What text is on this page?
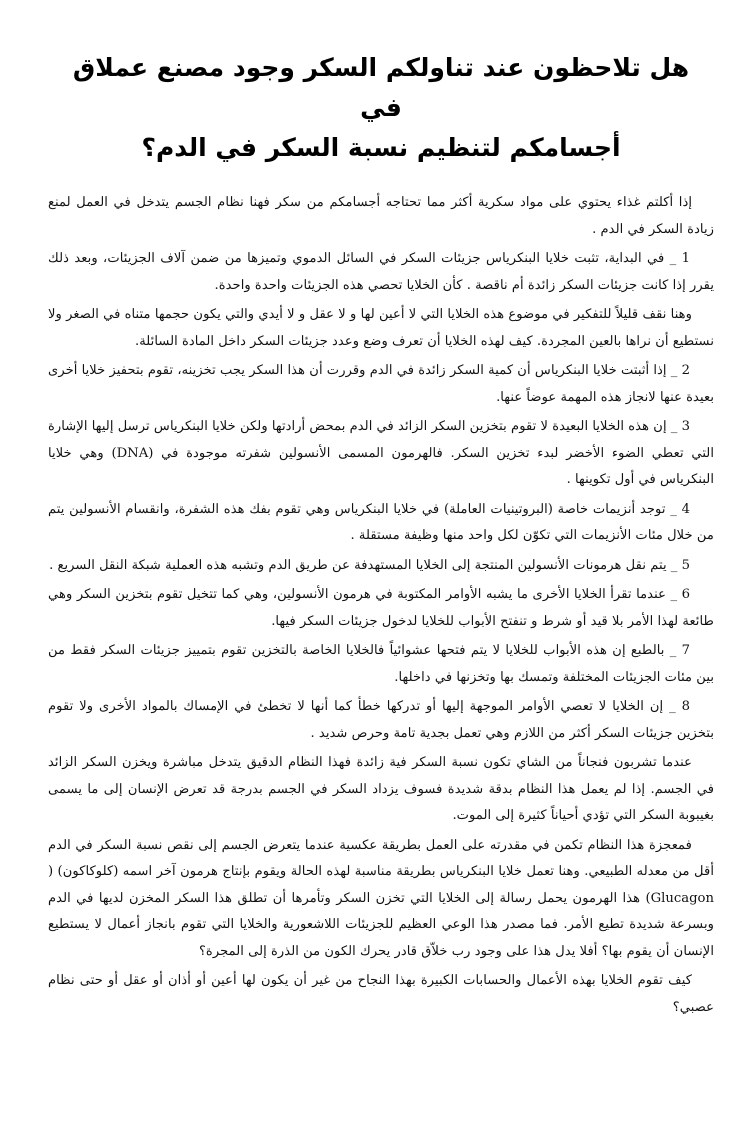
هل تلاحظون عند تناولكم السكر وجود مصنع عملاق في
أجسامكم لتنظيم نسبة السكر في الدم؟

إذا أكلتم غذاء يحتوي على مواد سكرية أكثر مما تحتاجه أجسامكم من سكر فهنا نظام الجسم يتدخل في العمل لمنع زيادة السكر في الدم .

1 _ في البداية، تثبت خلايا البنكرياس جزيئات السكر في السائل الدموي وتميزها من ضمن آلاف الجزيئات، وبعد ذلك يقرر إذا كانت جزيئات السكر زائدة أم ناقصة . كأن الخلايا تحصي هذه الجزيئات واحدة واحدة.

وهنا نقف قليلاً للتفكير في موضوع هذه الخلايا التي لا أعين لها و لا عقل و لا أيدي والتي يكون حجمها متناه في الصغر ولا نستطيع أن نراها بالعين المجردة. كيف لهذه الخلايا أن تعرف وضع وعدد جزيئات السكر داخل المادة السائلة.

2 _ إذا أثبتت خلايا البنكرياس أن كمية السكر زائدة في الدم وقررت أن هذا السكر يجب تخزينه، تقوم بتحفيز خلايا أخرى بعيدة عنها لانجاز هذه المهمة عوضاً عنها.

3 _ إن هذه الخلايا البعيدة لا تقوم بتخزين السكر الزائد في الدم بمحض أرادتها ولكن خلايا البنكرياس ترسل إليها الإشارة التي تعطي الضوء الأخضر لبدء تخزين السكر. فالهرمون المسمى الأنسولين شفرته موجودة في (DNA) وهي خلايا البنكرياس في أول تكوينها .

4 _ توجد أنزيمات خاصة (البروتينيات العاملة) في خلايا البنكرياس وهي تقوم بفك هذه الشفرة، وانقسام الأنسولين يتم من خلال مئات الأنزيمات التي تكوّن لكل واحد منها وظيفة مستقلة .

5 _ يتم نقل هرمونات الأنسولين المنتجة إلى الخلايا المستهدفة عن طريق الدم وتشبه هذه العملية شبكة النقل السريع .

6 _ عندما تقرأ الخلايا الأخرى ما يشبه الأوامر المكتوبة في هرمون الأنسولين، وهي كما تتخيل تقوم بتخزين السكر وهي طائعة لهذا الأمر بلا قيد أو شرط و تنفتح الأبواب للخلايا لدخول جزيئات السكر فيها.

7 _ بالطبع إن هذه الأبواب للخلايا لا يتم فتحها عشوائياً فالخلايا الخاصة بالتخزين تقوم بتمييز جزيئات السكر فقط من بين مئات الجزيئات المختلفة وتمسك بها وتخزنها في داخلها.

8 _ إن الخلايا لا تعصي الأوامر الموجهة إليها أو تدركها خطأ كما أنها لا تخطئ في الإمساك بالمواد الأخرى ولا تقوم بتخزين جزيئات السكر أكثر من اللازم وهي تعمل بجدية تامة وحرص شديد .

عندما تشربون فنجاناً من الشاي تكون نسبة السكر فية زائدة فهذا النظام الدقيق يتدخل مباشرة ويخزن السكر الزائد في الجسم. إذا لم يعمل هذا النظام بدقة شديدة فسوف يزداد السكر في الجسم بدرجة قد تعرض الإنسان إلى ما يسمى بغيبوبة السكر التي تؤدي أحياناً كثيرة إلى الموت.

فمعجزة هذا النظام تكمن في مقدرته على العمل بطريقة عكسية عندما يتعرض الجسم إلى نقص نسبة السكر في الدم أقل من معدله الطبيعي. وهنا تعمل خلايا البنكرياس بطريقة مناسبة لهذه الحالة ويقوم بإنتاج هرمون آخر اسمه (كلوكاكون) ( Glucagon) هذا الهرمون يحمل رسالة إلى الخلايا التي تخزن السكر وتأمرها أن تطلق هذا السكر المخزن لديها في الدم وبسرعة شديدة تطيع الأمر. فما مصدر هذا الوعي العظيم للجزيئات اللاشعورية والخلايا التي تقوم بانجاز أعمال لا يستطيع الإنسان أن يقوم بها؟ أفلا يدل هذا على وجود رب خلاّق قادر يحرك الكون من الذرة إلى المجرة؟

كيف تقوم الخلايا بهذه الأعمال والحسابات الكبيرة بهذا النجاح من غير أن يكون لها أعين أو أذان أو عقل أو حتى نظام عصبي؟
